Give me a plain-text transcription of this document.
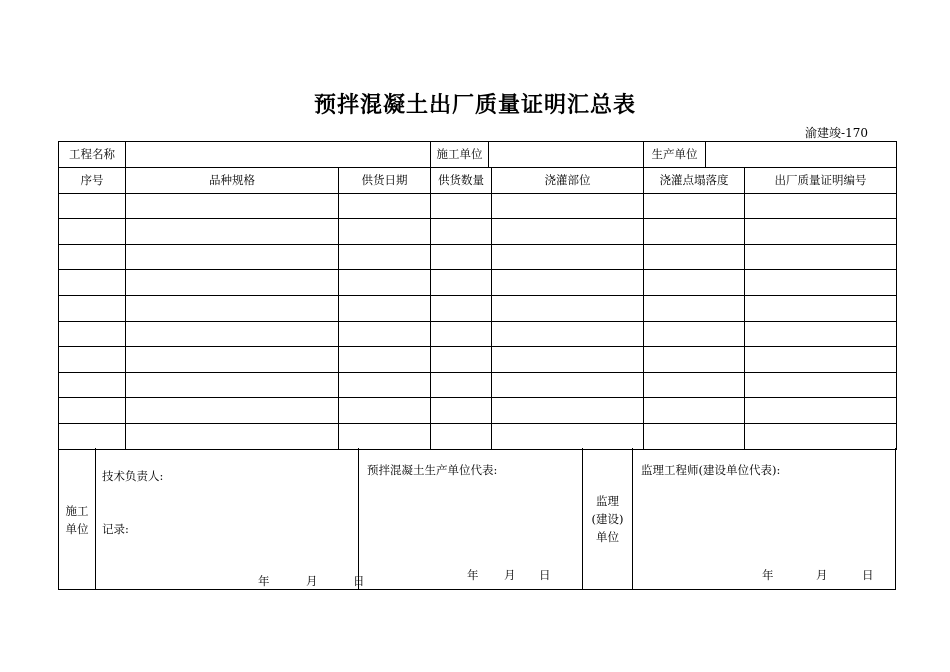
预拌混凝土出厂质量证明汇总表
渝建竣-170
工程名称			施工单位		生产单位	

序号	品种规格	供货日期	供货数量	浇灌部位	浇灌点塌落度	出厂质量证明编号

施工
单位
技术负责人:
记录:
年	月	日
预拌混凝土生产单位代表:
年 月 日
监理
(建设)
单位
监理工程师(建设单位代表):
年	月	日
